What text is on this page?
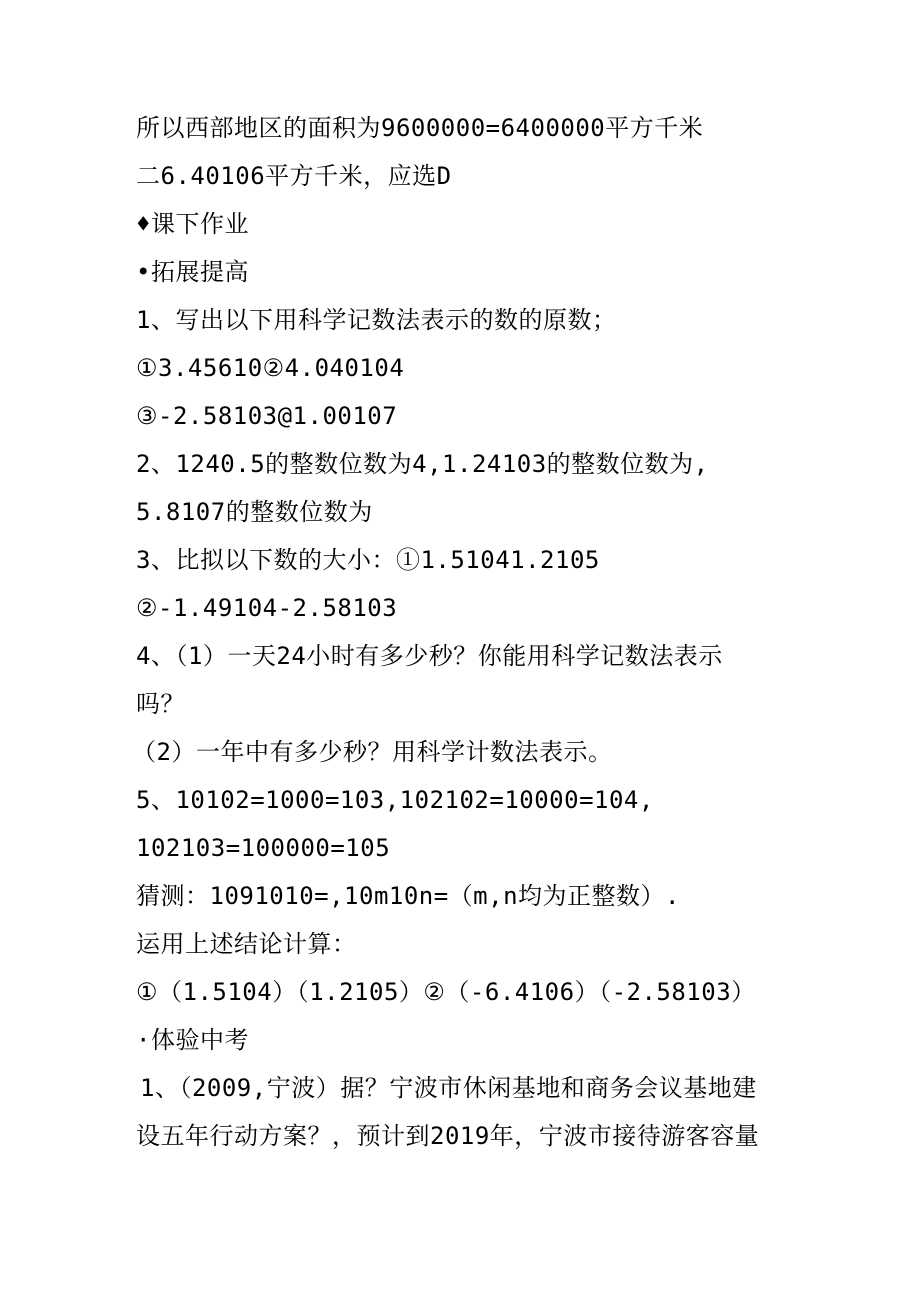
所以西部地区的面积为9600000=6400000平方千米
二6.40106平方千米，应选D
♦课下作业
•拓展提高
1、写出以下用科学记数法表示的数的原数；
①3.45610②4.040104
③-2.58103@1.00107
2、1240.5的整数位数为4,1.24103的整数位数为,
5.8107的整数位数为
3、比拟以下数的大小：①1.51041.2105
②-1.49104-2.58103
4、（1）一天24小时有多少秒？你能用科学记数法表示
吗？
（2）一年中有多少秒？用科学计数法表示。
5、10102=1000=103,102102=10000=104,
102103=100000=105
猜测：1091010=,10m10n=（m,n均为正整数）.
运用上述结论计算：
①（1.5104）（1.2105）②（-6.4106）（-2.58103）
·体验中考
1、（2009,宁波）据？宁波市休闲基地和商务会议基地建
设五年行动方案？，预计到2019年，宁波市接待游客容量
